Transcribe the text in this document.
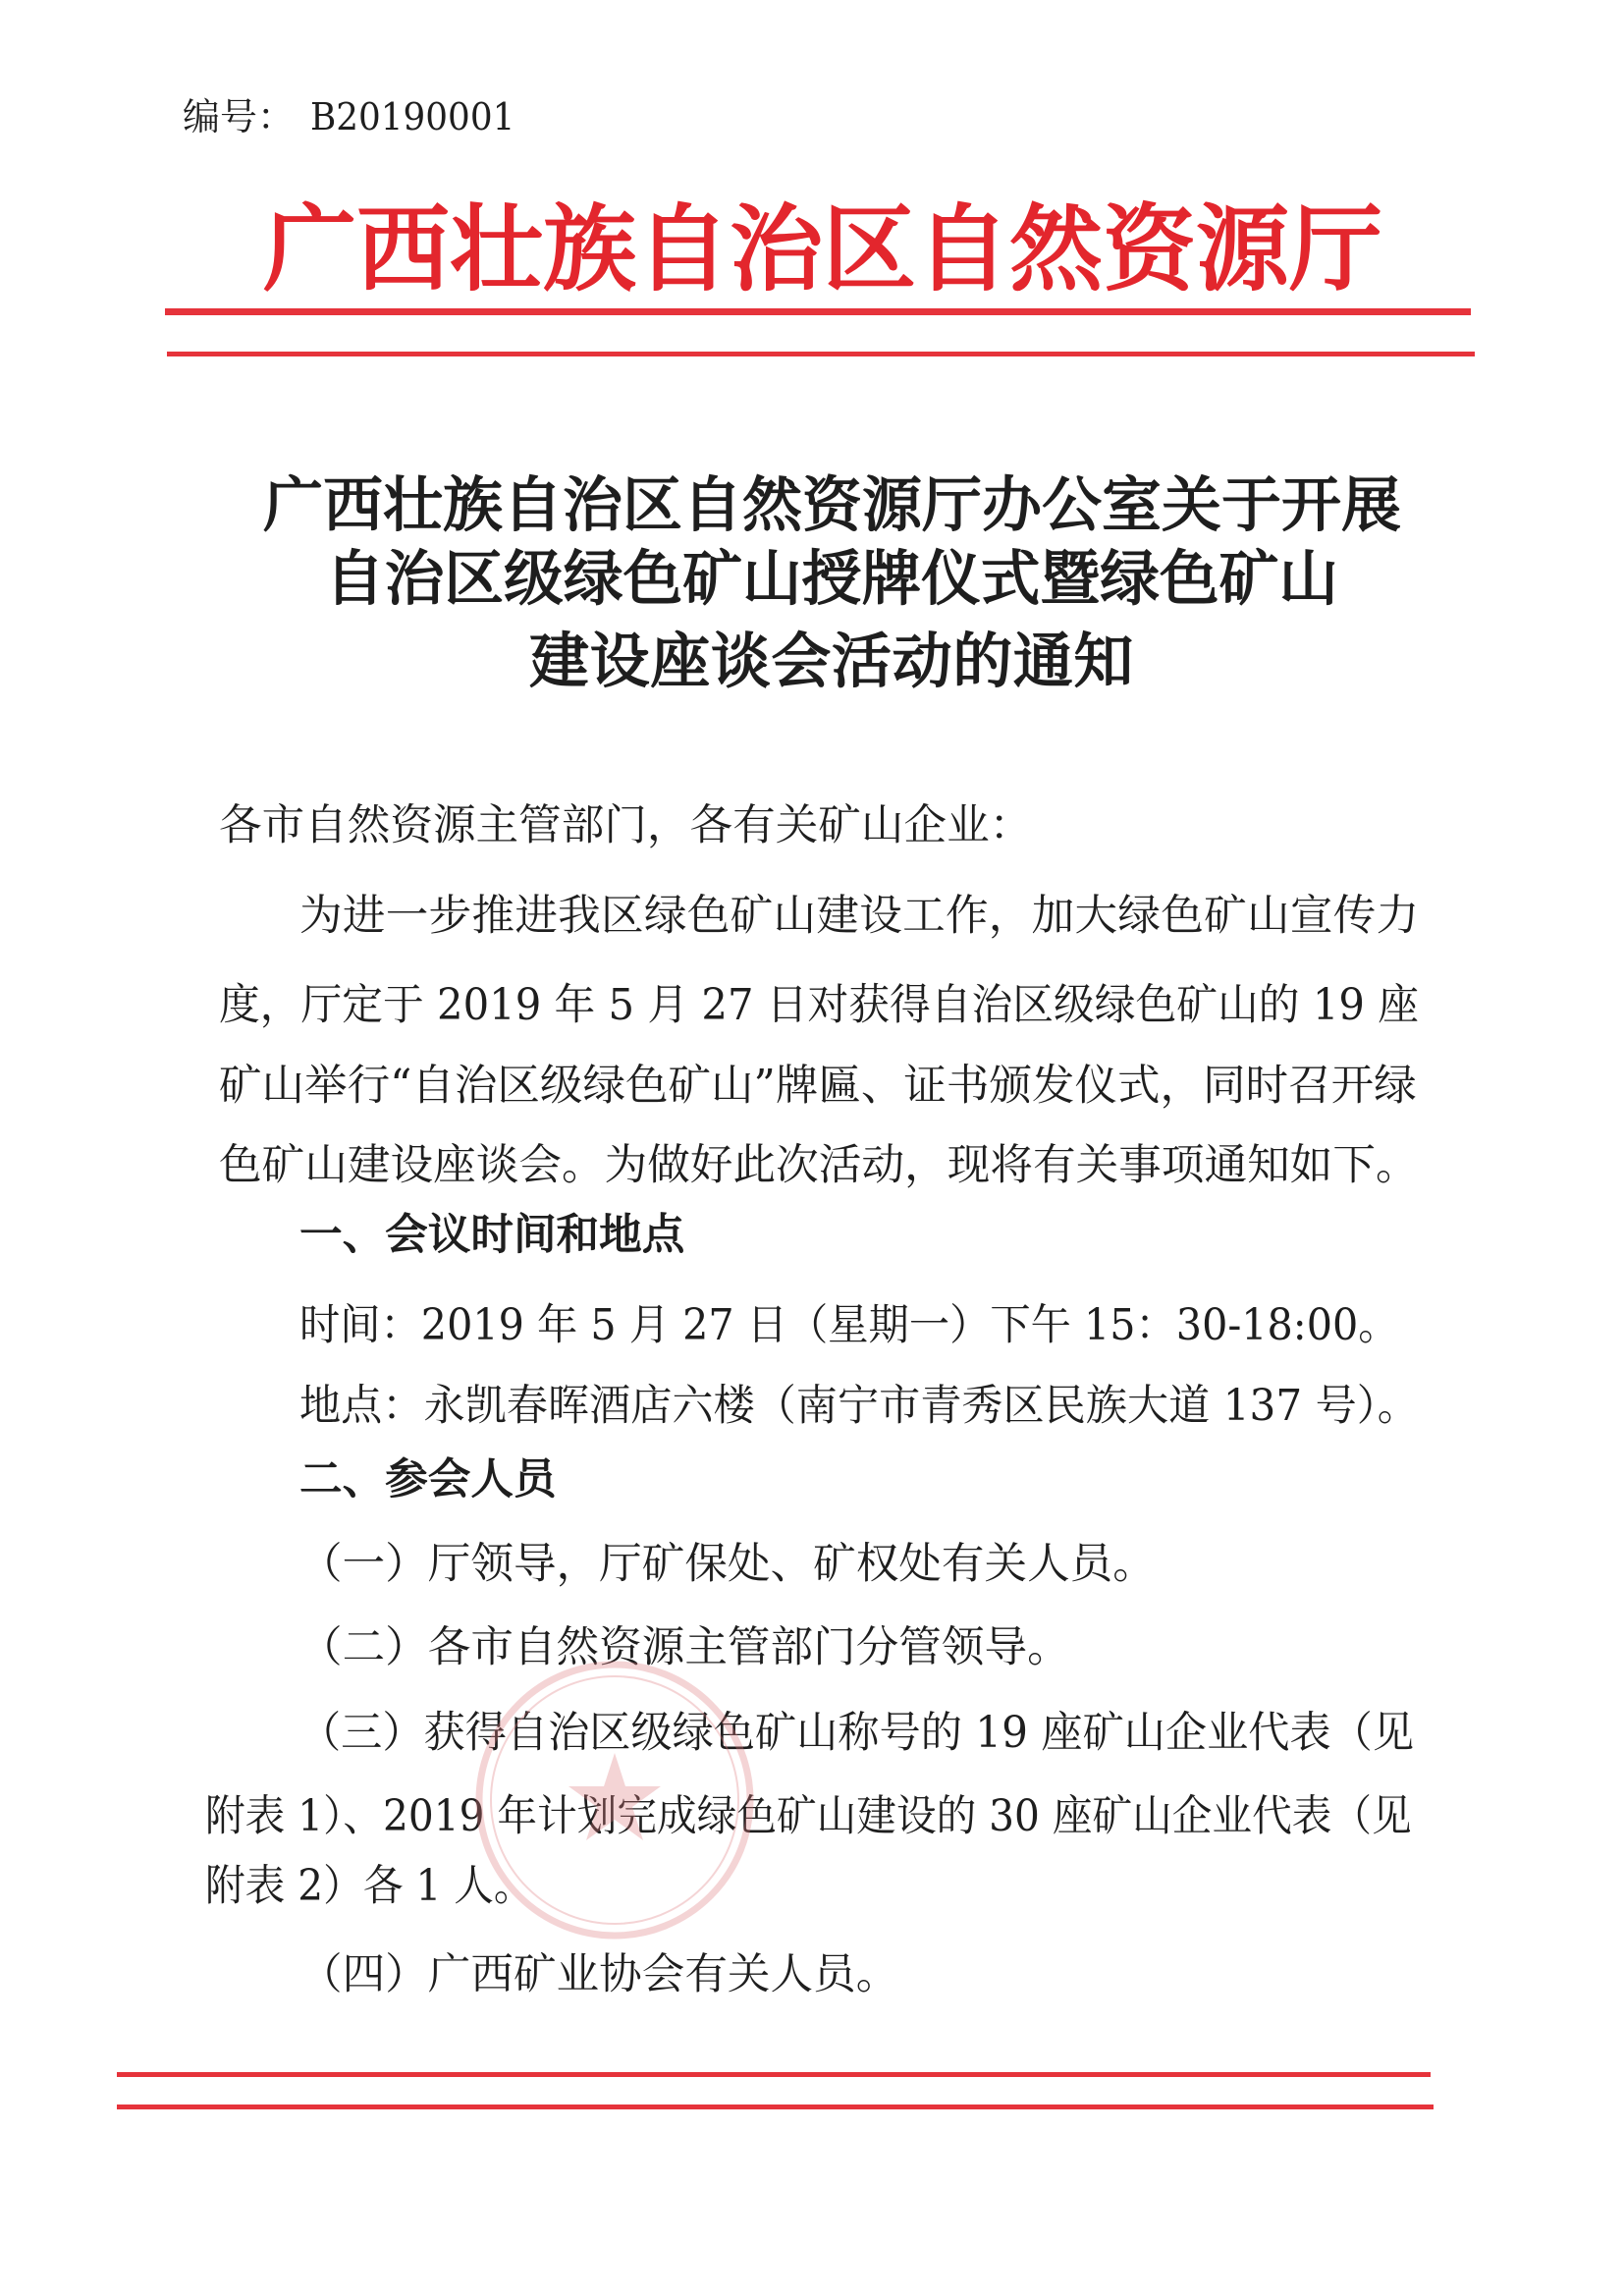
编号： B20190001
广西壮族自治区自然资源厅
广西壮族自治区自然资源厅办公室关于开展
自治区级绿色矿山授牌仪式暨绿色矿山
建设座谈会活动的通知
各市自然资源主管部门，各有关矿山企业：
为进一步推进我区绿色矿山建设工作，加大绿色矿山宣传力
度，厅定于 2019 年 5 月 27 日对获得自治区级绿色矿山的 19 座
矿山举行“自治区级绿色矿山”牌匾、证书颁发仪式，同时召开绿
色矿山建设座谈会。为做好此次活动，现将有关事项通知如下。
一、会议时间和地点
时间：2019 年 5 月 27 日（星期一）下午 15：30-18:00。
地点：永凯春晖酒店六楼（南宁市青秀区民族大道 137 号）。
二、参会人员
（一）厅领导，厅矿保处、矿权处有关人员。
（二）各市自然资源主管部门分管领导。
（三）获得自治区级绿色矿山称号的 19 座矿山企业代表（见
附表 1）、2019 年计划完成绿色矿山建设的 30 座矿山企业代表（见
附表 2）各 1 人。
（四）广西矿业协会有关人员。
